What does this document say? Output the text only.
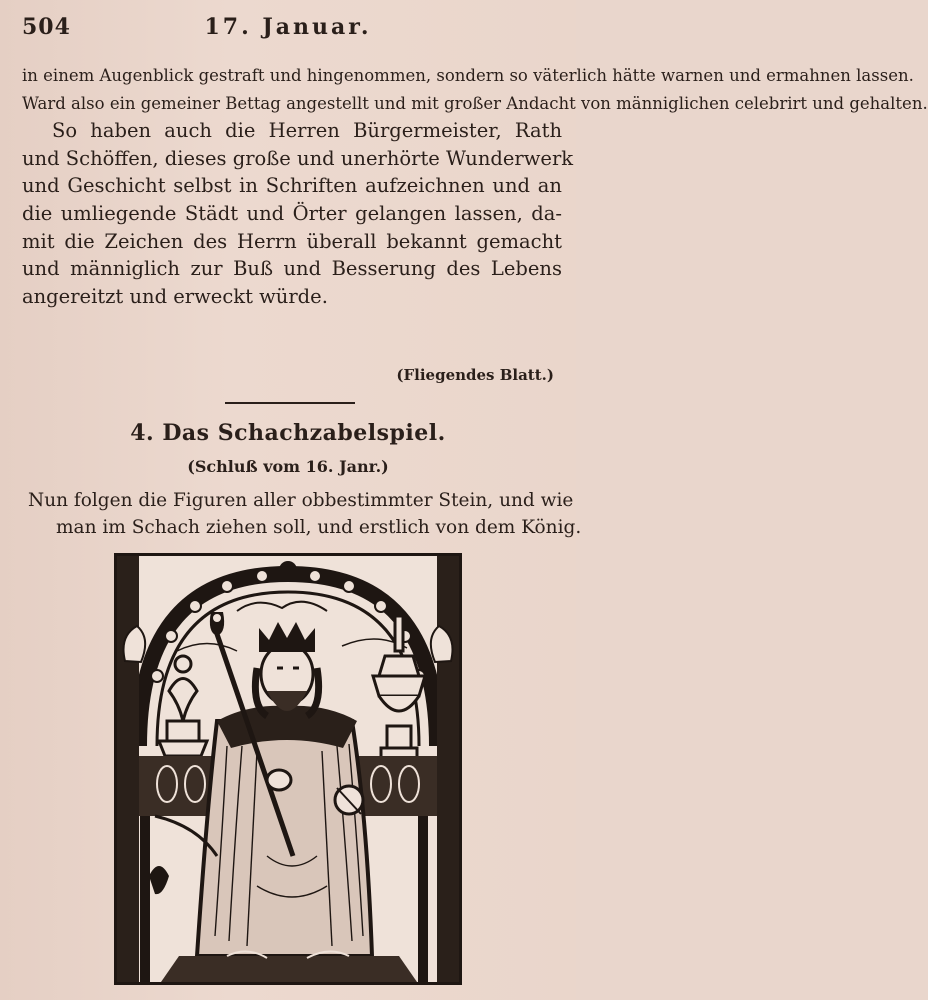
504	17. Januar.
in einem Augenblick gestraft und hingenommen, sondern so väterlich hätte warnen und ermahnen lassen.
Ward also ein gemeiner Bettag angestellt und mit großer Andacht von männiglichen celebrirt und gehalten.
So haben auch die Herren Bürgermeister, Rath
und Schöffen, dieses große und unerhörte Wunderwerk
und Geschicht selbst in Schriften aufzeichnen und an
die umliegende Städt und Örter gelangen lassen, da-
mit die Zeichen des Herrn überall bekannt gemacht
und männiglich zur Buß und Besserung des Lebens
angereitzt und erweckt würde.
(Fliegendes Blatt.)
4. Das Schachzabelspiel.
(Schluß vom 16. Janr.)
Nun folgen die Figuren aller obbestimmter Stein, und wie
man im Schach ziehen soll, und erstlich von dem König.
